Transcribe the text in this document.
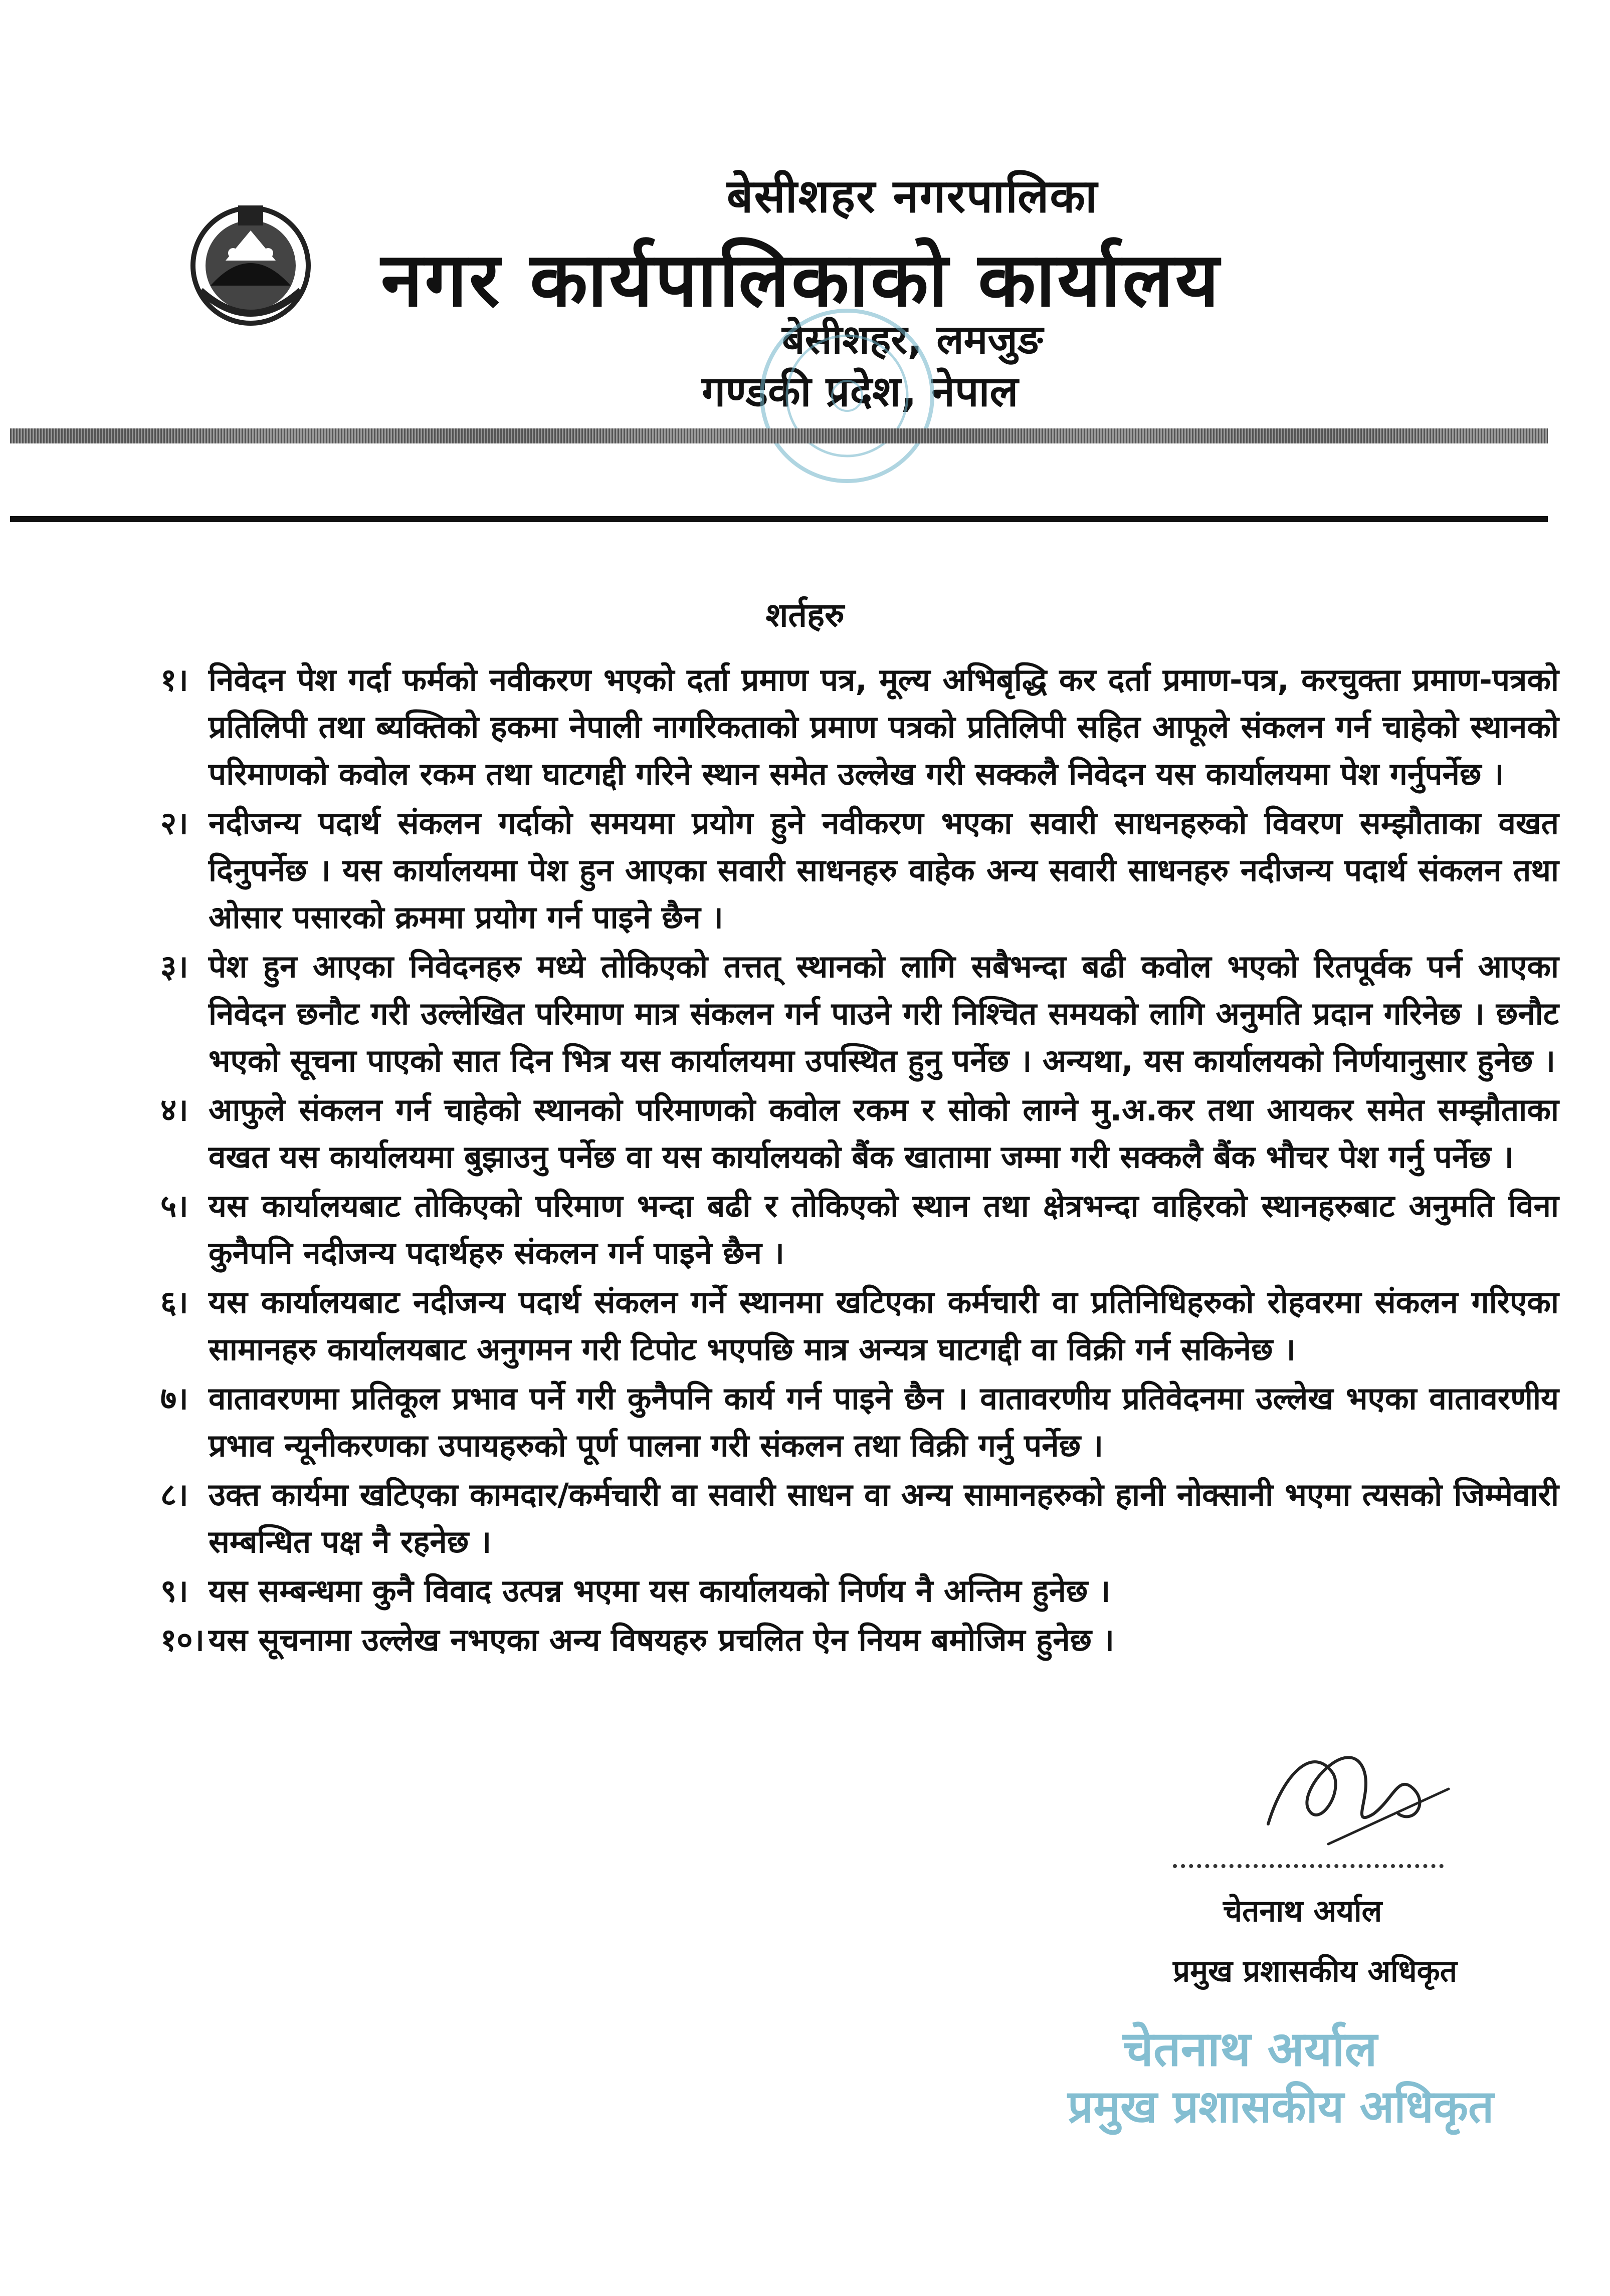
बेसीशहर नगरपालिका
नगर कार्यपालिकाको कार्यालय
बेसीशहर, लमजुङ
गण्डकी प्रदेश, नेपाल
शर्तहरु
१। निवेदन पेश गर्दा फर्मको नवीकरण भएको दर्ता प्रमाण पत्र, मूल्य अभिबृद्धि कर दर्ता प्रमाण-पत्र, करचुक्ता प्रमाण-पत्रको प्रतिलिपी तथा ब्यक्तिको हकमा नेपाली नागरिकताको प्रमाण पत्रको प्रतिलिपी सहित आफूले संकलन गर्न चाहेको स्थानको परिमाणको कवोल रकम तथा घाटगद्दी गरिने स्थान समेत उल्लेख गरी सक्कलै निवेदन यस कार्यालयमा पेश गर्नुपर्नेछ ।
२। नदीजन्य पदार्थ संकलन गर्दाको समयमा प्रयोग हुने नवीकरण भएका सवारी साधनहरुको विवरण सम्झौताका वखत दिनुपर्नेछ । यस कार्यालयमा पेश हुन आएका सवारी साधनहरु वाहेक अन्य सवारी साधनहरु नदीजन्य पदार्थ संकलन तथा ओसार पसारको क्रममा प्रयोग गर्न पाइने छैन ।
३। पेश हुन आएका निवेदनहरु मध्ये तोकिएको तत्तत् स्थानको लागि सबैभन्दा बढी कवोल भएको रितपूर्वक पर्न आएका निवेदन छनौट गरी उल्लेखित परिमाण मात्र संकलन गर्न पाउने गरी निश्चित समयको लागि अनुमति प्रदान गरिनेछ । छनौट भएको सूचना पाएको सात दिन भित्र यस कार्यालयमा उपस्थित हुनु पर्नेछ । अन्यथा, यस कार्यालयको निर्णयानुसार हुनेछ ।
४। आफुले संकलन गर्न चाहेको स्थानको परिमाणको कवोल रकम र सोको लाग्ने मु.अ.कर तथा आयकर समेत सम्झौताका वखत यस कार्यालयमा बुझाउनु पर्नेछ वा यस कार्यालयको बैंक खातामा जम्मा गरी सक्कलै बैंक भौचर पेश गर्नु पर्नेछ ।
५। यस कार्यालयबाट तोकिएको परिमाण भन्दा बढी र तोकिएको स्थान तथा क्षेत्रभन्दा वाहिरको स्थानहरुबाट अनुमति विना कुनैपनि नदीजन्य पदार्थहरु संकलन गर्न पाइने छैन ।
६। यस कार्यालयबाट नदीजन्य पदार्थ संकलन गर्ने स्थानमा खटिएका कर्मचारी वा प्रतिनिधिहरुको रोहवरमा संकलन गरिएका सामानहरु कार्यालयबाट अनुगमन गरी टिपोट भएपछि मात्र अन्यत्र घाटगद्दी वा विक्री गर्न सकिनेछ ।
७। वातावरणमा प्रतिकूल प्रभाव पर्ने गरी कुनैपनि कार्य गर्न पाइने छैन । वातावरणीय प्रतिवेदनमा उल्लेख भएका वातावरणीय प्रभाव न्यूनीकरणका उपायहरुको पूर्ण पालना गरी संकलन तथा विक्री गर्नु पर्नेछ ।
८। उक्त कार्यमा खटिएका कामदार/कर्मचारी वा सवारी साधन वा अन्य सामानहरुको हानी नोक्सानी भएमा त्यसको जिम्मेवारी सम्बन्धित पक्ष नै रहनेछ ।
९। यस सम्बन्धमा कुनै विवाद उत्पन्न भएमा यस कार्यालयको निर्णय नै अन्तिम हुनेछ ।
१०। यस सूचनामा उल्लेख नभएका अन्य विषयहरु प्रचलित ऐन नियम बमोजिम हुनेछ ।
चेतनाथ अर्याल
प्रमुख प्रशासकीय अधिकृत
चेतनाथ अर्याल
प्रमुख प्रशासकीय अधिकृत
